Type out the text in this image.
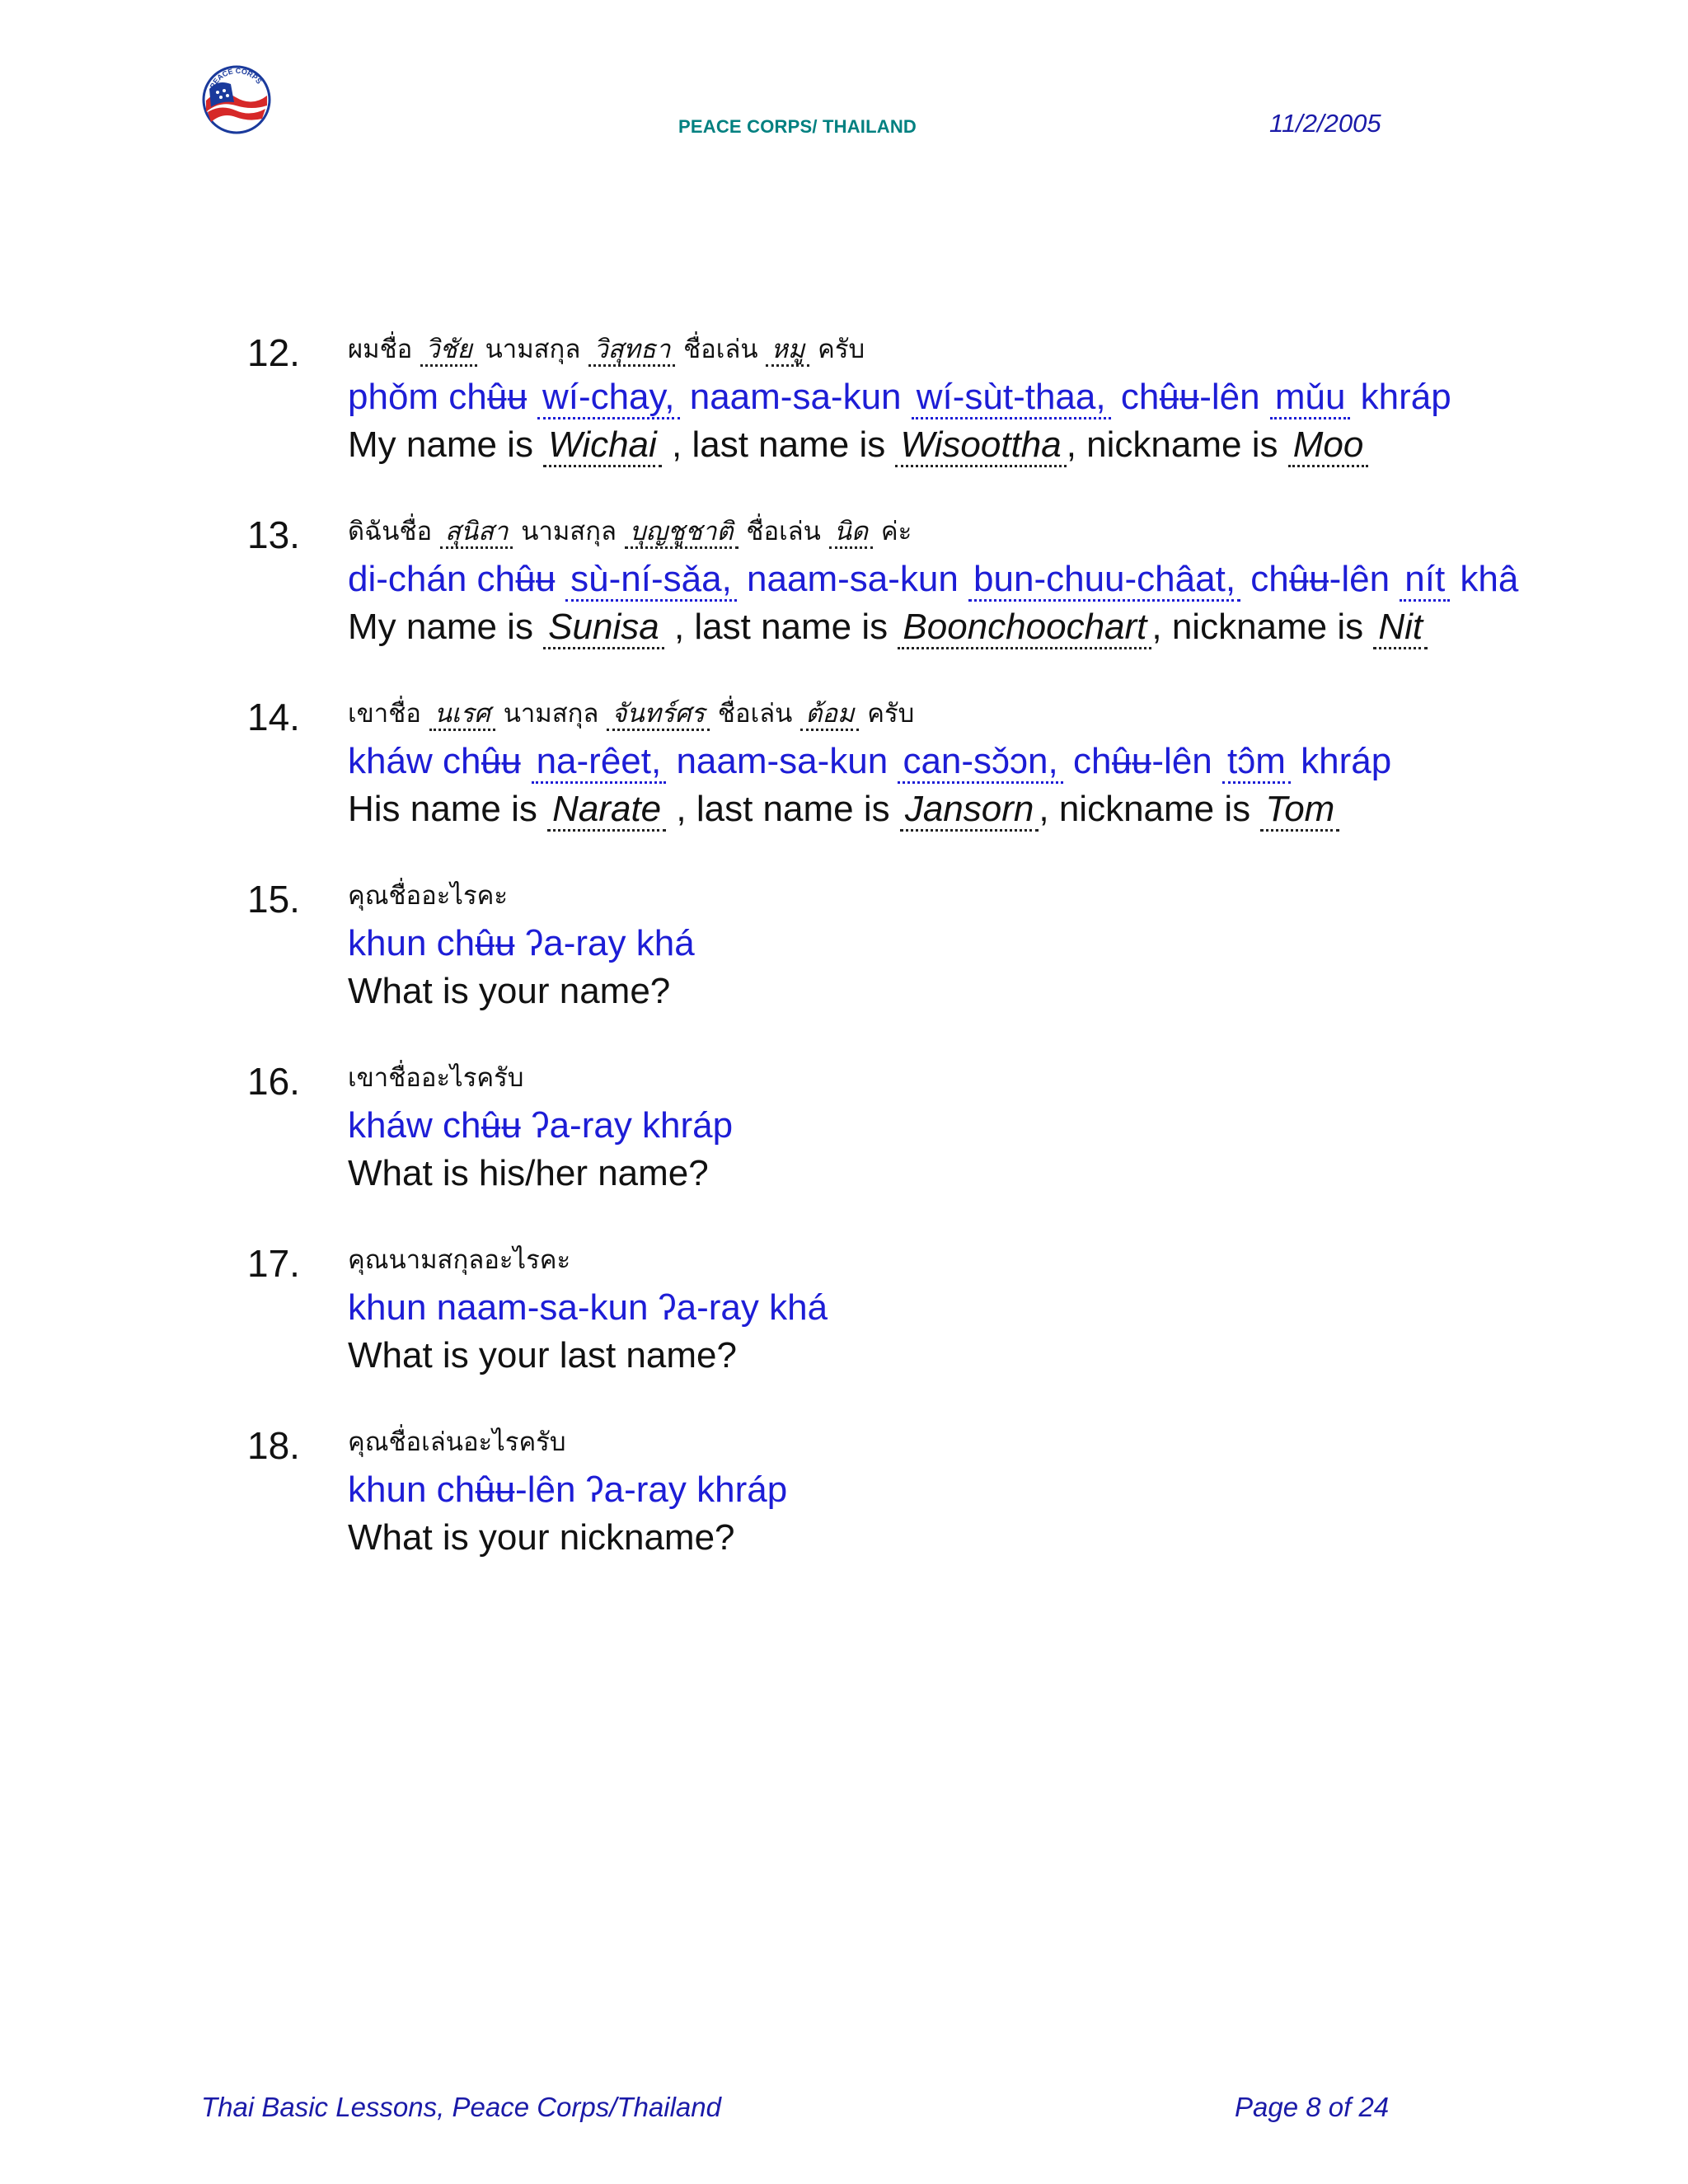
PEACE CORPS
PEACE CORPS/ THAILAND	11/2/2005
12.	ผมชื่อ วิชัย นามสกุล วิสุทธา ชื่อเล่น หมู ครับ
phǒm chʉ̂ʉ wí-chay, naam-sa-kun wí-sùt-thaa, chʉ̂ʉ-lên mǔu khráp
My name is Wichai , last name is Wisoottha , nickname is Moo
13.	ดิฉันชื่อ สุนิสา นามสกุล บุญชูชาติ ชื่อเล่น นิด ค่ะ
di-chán chʉ̂ʉ sù-ní-sǎa, naam-sa-kun bun-chuu-châat, chʉ̂ʉ-lên nít khâ
My name is Sunisa , last name is Boonchoochart , nickname is Nit
14.	เขาชื่อ นเรศ นามสกุล จันทร์ศร ชื่อเล่น ต้อม ครับ
kháw chʉ̂ʉ na-rêet, naam-sa-kun can-sɔ̌ɔn, chʉ̂ʉ-lên tɔ̂m khráp
His name is Narate , last name is Jansorn , nickname is Tom
15.	คุณชื่ออะไรคะ
khun chʉ̂ʉ ʔa-ray khá
What is your name?
16.	เขาชื่ออะไรครับ
kháw chʉ̂ʉ ʔa-ray khráp
What is his/her name?
17.	คุณนามสกุลอะไรคะ
khun naam-sa-kun ʔa-ray khá
What is your last name?
18.	คุณชื่อเล่นอะไรครับ
khun chʉ̂ʉ-lên ʔa-ray khráp
What is your nickname?
Thai Basic Lessons, Peace Corps/Thailand	Page 8 of 24
